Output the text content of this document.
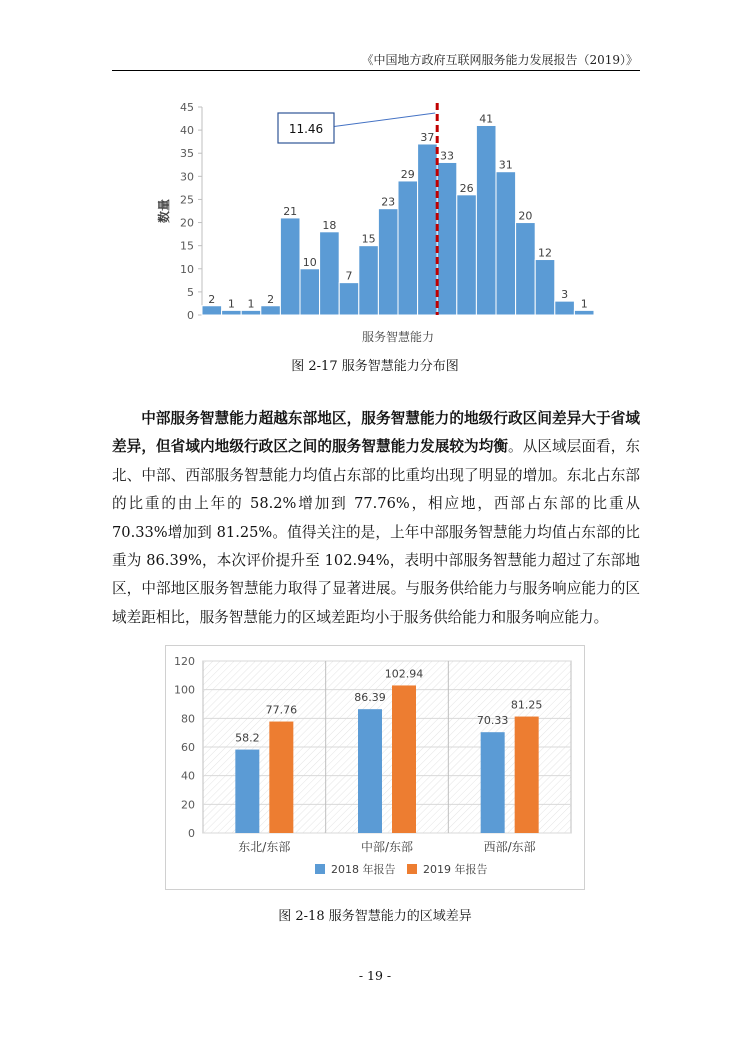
《中国地方政府互联网服务能力发展报告（2019）》
0
5
10
15
20
25
30
35
40
45
2 1 1 2
21
10
18
7
15
23
29
37
33
26
41
31
20
12
3
1
11.46
服务智慧能力
数量
图 2-17 服务智慧能力分布图

中部服务智慧能力超越东部地区，服务智慧能力的地级行政区间差异大于省域差异，但省域内地级行政区之间的服务智慧能力发展较为均衡。从区域层面看，东北、中部、西部服务智慧能力均值占东部的比重均出现了明显的增加。东北占东部的比重的由上年的 58.2%增加到 77.76%，相应地，西部占东部的比重从 70.33%增加到 81.25%。值得关注的是，上年中部服务智慧能力均值占东部的比重为 86.39%，本次评价提升至 102.94%，表明中部服务智慧能力超过了东部地区，中部地区服务智慧能力取得了显著进展。与服务供给能力与服务响应能力的区域差距相比，服务智慧能力的区域差距均小于服务供给能力和服务响应能力。

0
20
40
60
80
100
120
58.2
77.76
东北/东部
86.39
102.94
中部/东部
70.33
81.25
西部/东部
2018 年报告	2019 年报告
图 2-18 服务智慧能力的区域差异
- 19 -
